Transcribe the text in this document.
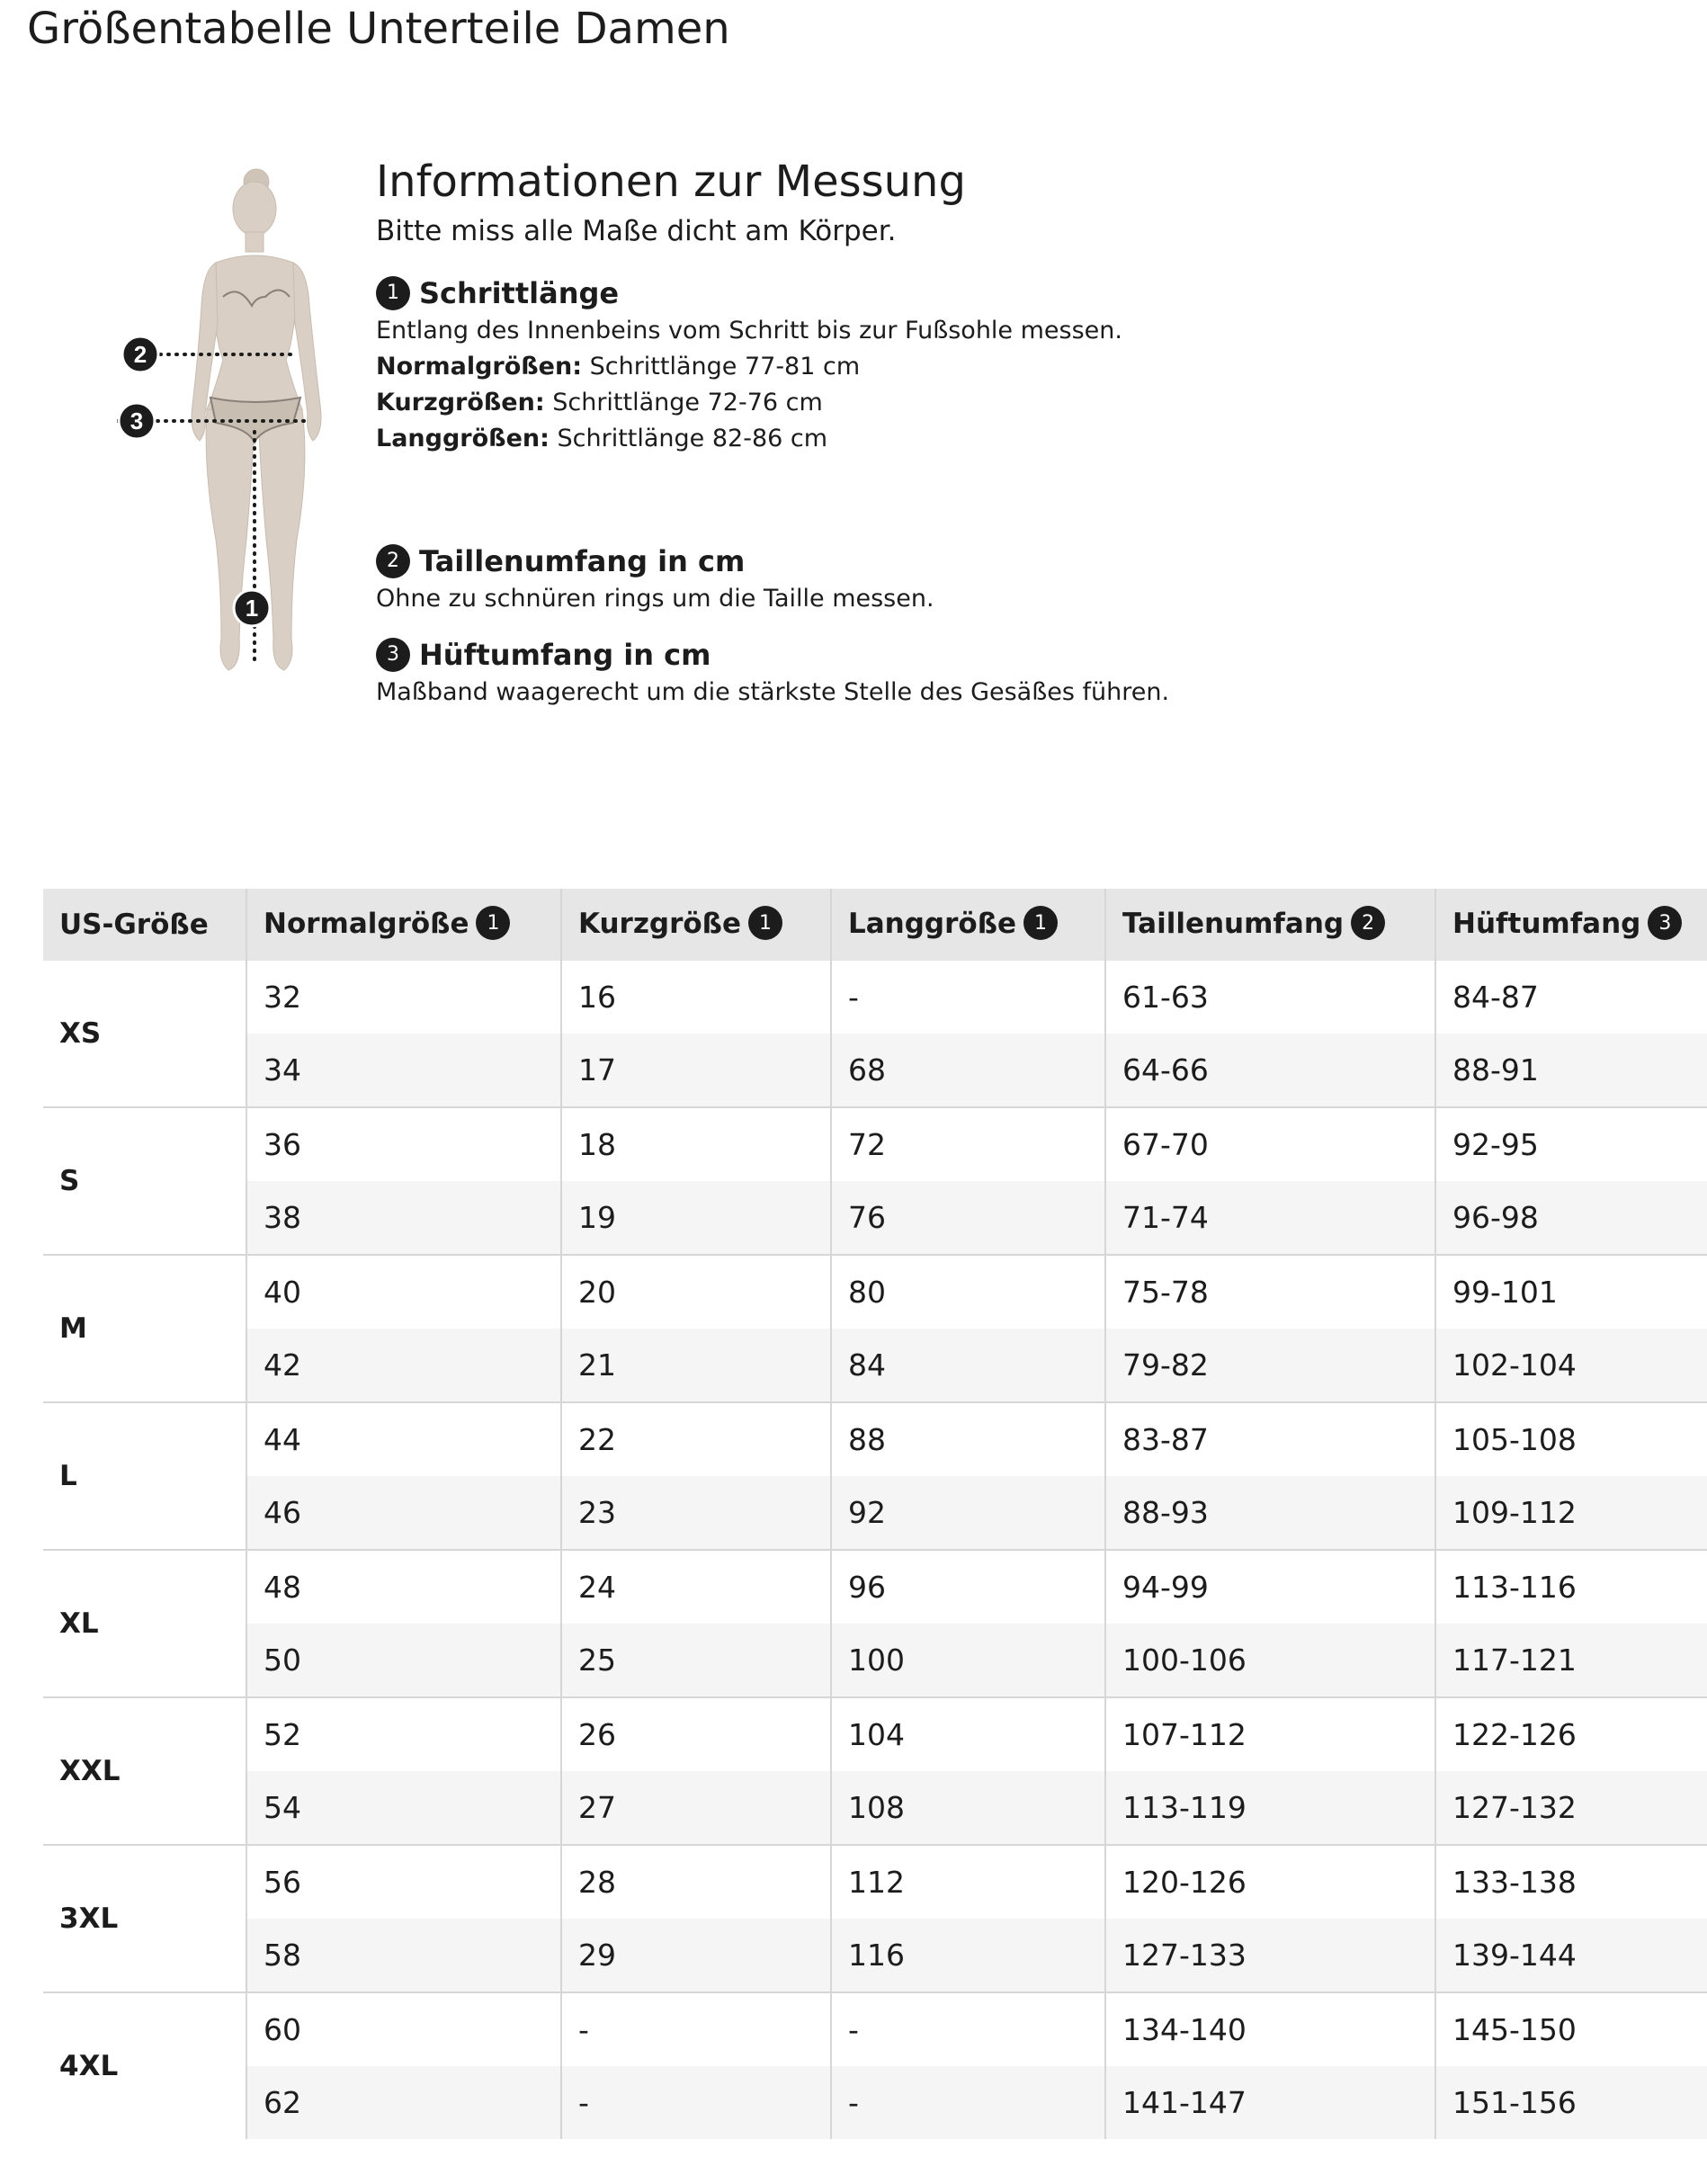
Größentabelle Unterteile Damen
2
3
1
Informationen zur Messung
Bitte miss alle Maße dicht am Körper.
1 Schrittlänge
Entlang des Innenbeins vom Schritt bis zur Fußsohle messen.
Normalgrößen: Schrittlänge 77-81 cm
Kurzgrößen: Schrittlänge 72-76 cm
Langgrößen: Schrittlänge 82-86 cm
2 Taillenumfang in cm
Ohne zu schnüren rings um die Taille messen.
3 Hüftumfang in cm
Maßband waagerecht um die stärkste Stelle des Gesäßes führen.
US-Größe	Normalgröße 1	Kurzgröße 1	Langgröße 1	Taillenumfang 2	Hüftumfang 3
XS	32	16	-	61-63	84-87
	34	17	68	64-66	88-91
S	36	18	72	67-70	92-95
	38	19	76	71-74	96-98
M	40	20	80	75-78	99-101
	42	21	84	79-82	102-104
L	44	22	88	83-87	105-108
	46	23	92	88-93	109-112
XL	48	24	96	94-99	113-116
	50	25	100	100-106	117-121
XXL	52	26	104	107-112	122-126
	54	27	108	113-119	127-132
3XL	56	28	112	120-126	133-138
	58	29	116	127-133	139-144
4XL	60	-	-	134-140	145-150
	62	-	-	141-147	151-156
